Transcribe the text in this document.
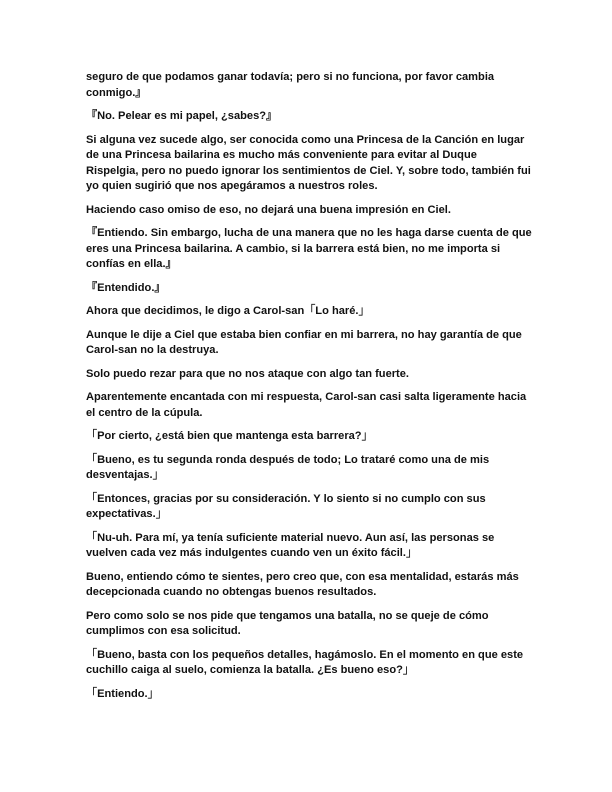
seguro de que podamos ganar todavía; pero si no funciona, por favor cambia conmigo.』

『No. Pelear es mi papel, ¿sabes?』

Si alguna vez sucede algo, ser conocida como una Princesa de la Canción en lugar de una Princesa bailarina es mucho más conveniente para evitar al Duque Rispelgia, pero no puedo ignorar los sentimientos de Ciel. Y, sobre todo, también fui yo quien sugirió que nos apegáramos a nuestros roles.

Haciendo caso omiso de eso, no dejará una buena impresión en Ciel.

『Entiendo. Sin embargo, lucha de una manera que no les haga darse cuenta de que eres una Princesa bailarina. A cambio, si la barrera está bien, no me importa si confías en ella.』

『Entendido.』

Ahora que decidimos, le digo a Carol-san「Lo haré.」

Aunque le dije a Ciel que estaba bien confiar en mi barrera, no hay garantía de que Carol-san no la destruya.

Solo puedo rezar para que no nos ataque con algo tan fuerte.

Aparentemente encantada con mi respuesta, Carol-san casi salta ligeramente hacia el centro de la cúpula.

「Por cierto, ¿está bien que mantenga esta barrera?」

「Bueno, es tu segunda ronda después de todo; Lo trataré como una de mis desventajas.」

「Entonces, gracias por su consideración. Y lo siento si no cumplo con sus expectativas.」

「Nu-uh. Para mí, ya tenía suficiente material nuevo. Aun así, las personas se vuelven cada vez más indulgentes cuando ven un éxito fácil.」

Bueno, entiendo cómo te sientes, pero creo que, con esa mentalidad, estarás más decepcionada cuando no obtengas buenos resultados.

Pero como solo se nos pide que tengamos una batalla, no se queje de cómo cumplimos con esa solicitud.

「Bueno, basta con los pequeños detalles, hagámoslo. En el momento en que este cuchillo caiga al suelo, comienza la batalla. ¿Es bueno eso?」

「Entiendo.」
